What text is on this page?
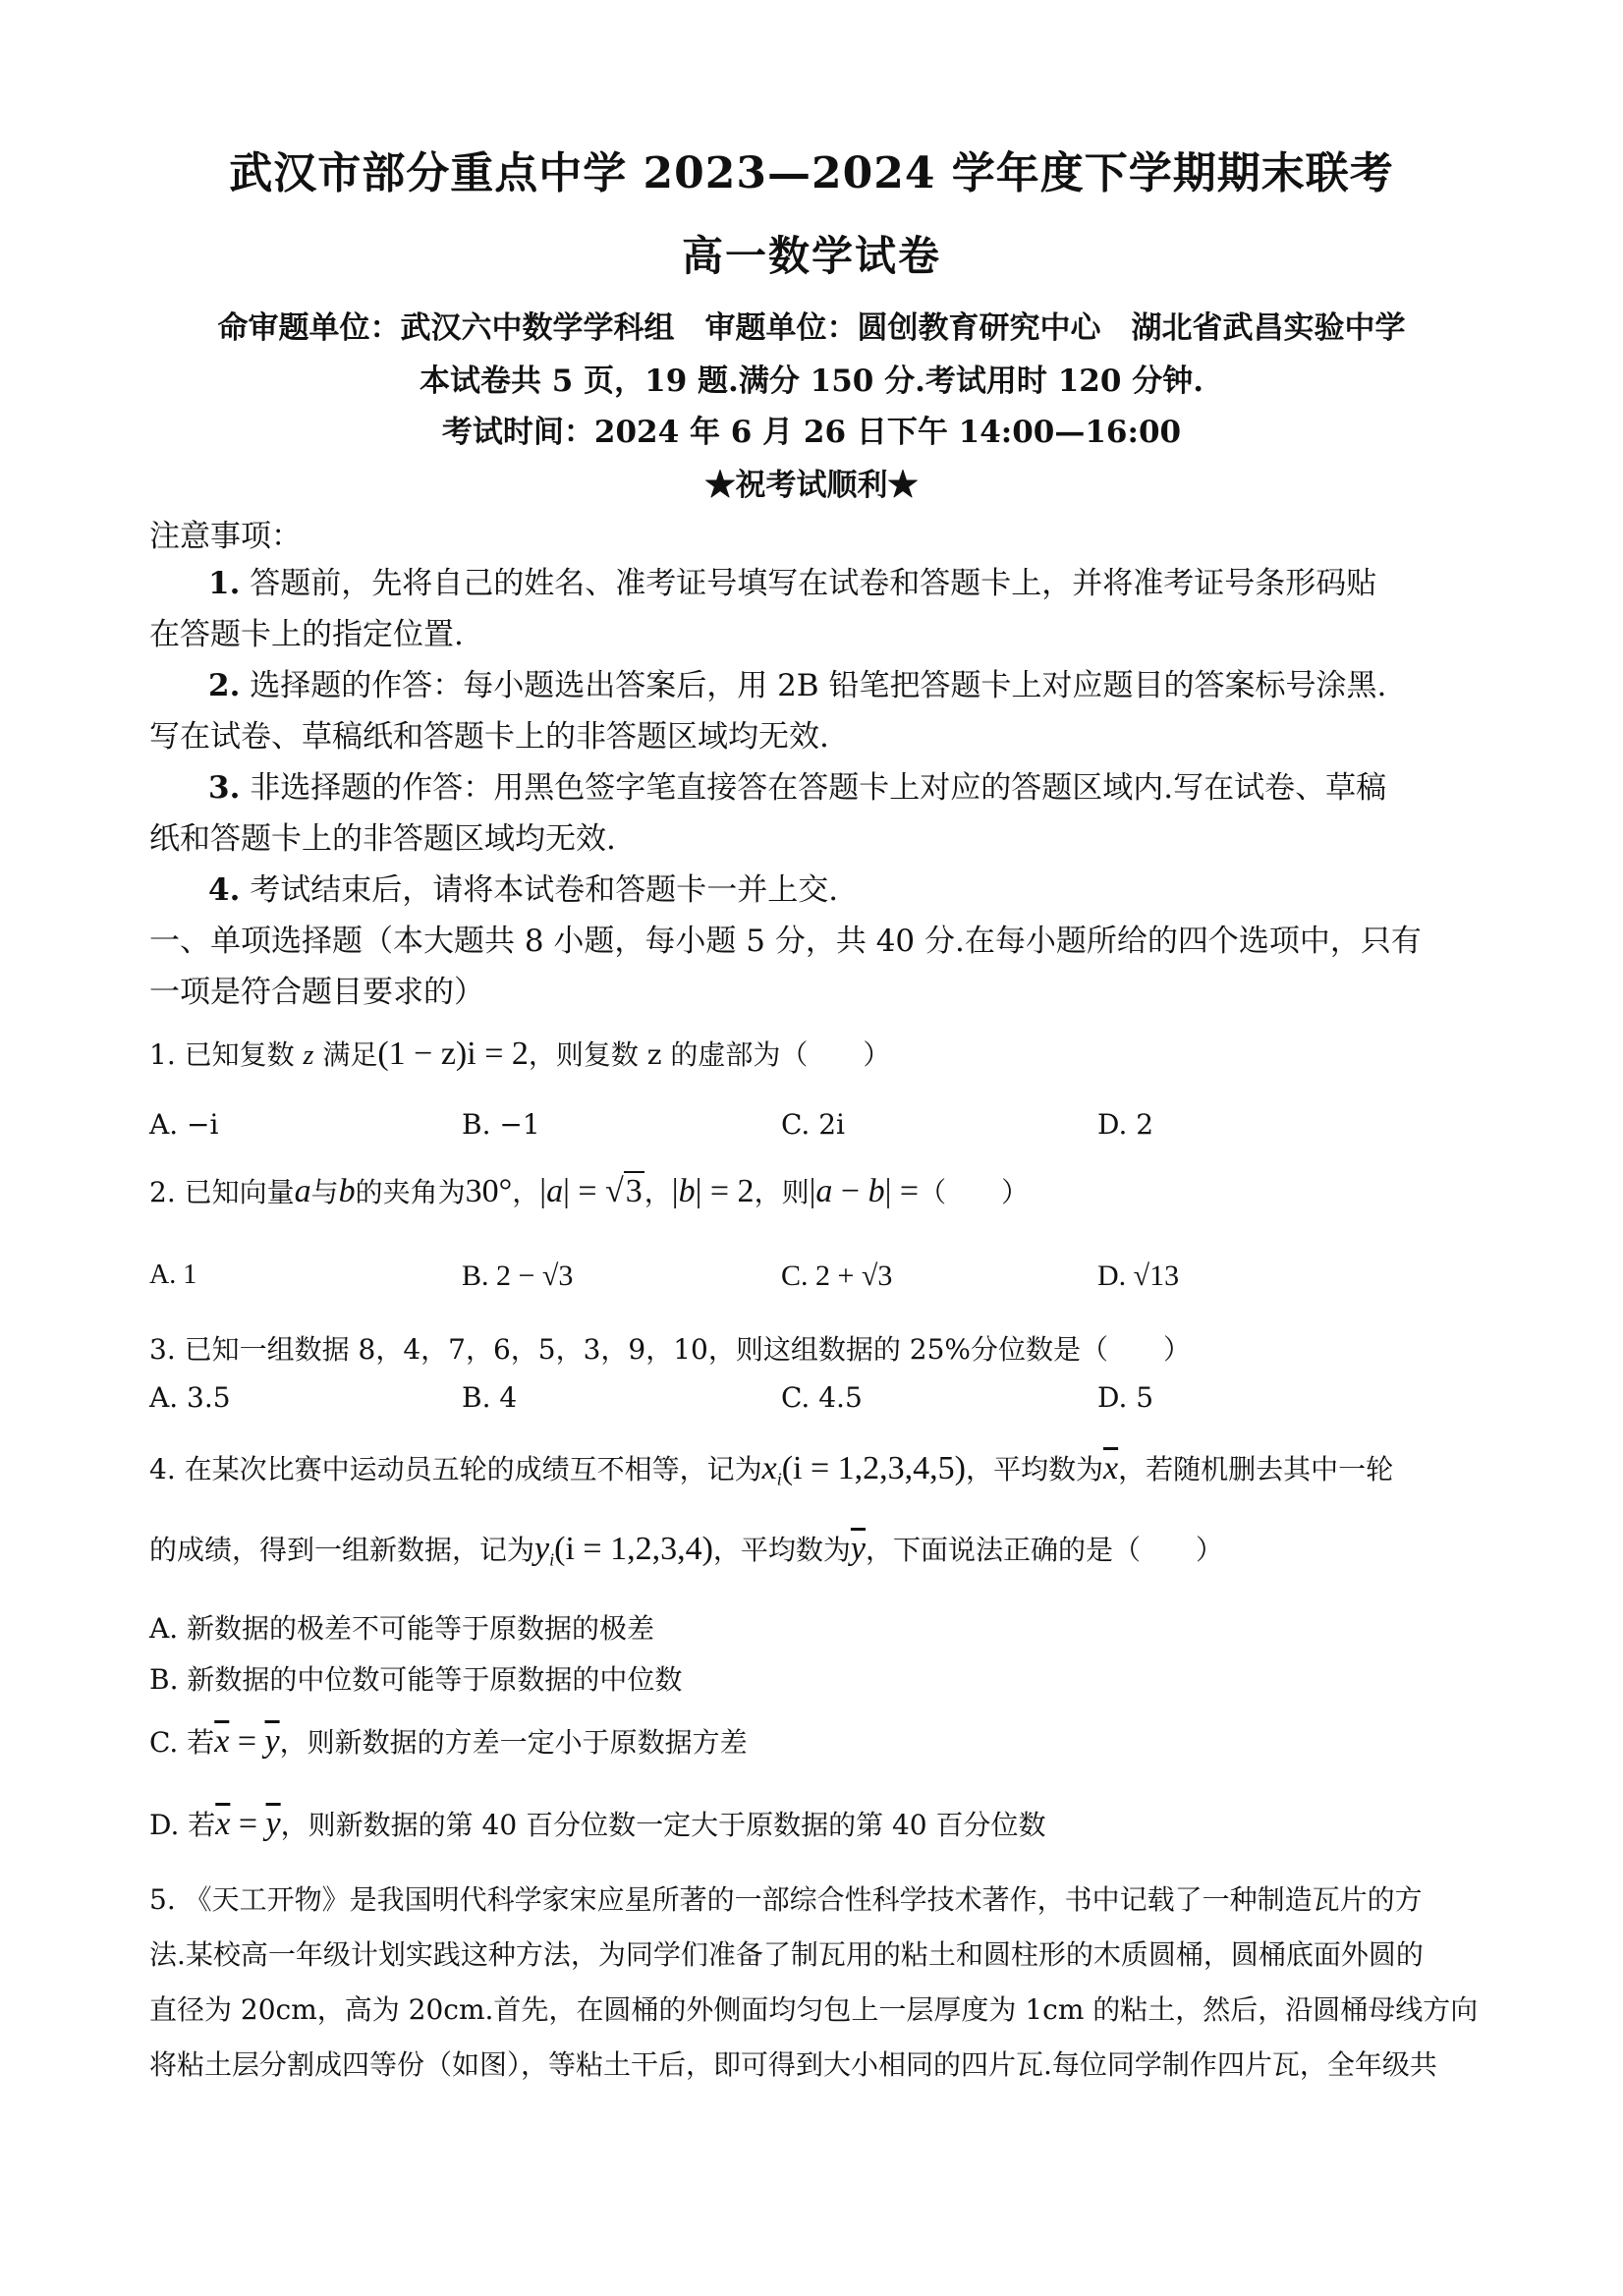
武汉市部分重点中学 2023—2024 学年度下学期期末联考
高一数学试卷
命审题单位：武汉六中数学学科组　审题单位：圆创教育研究中心　湖北省武昌实验中学
本试卷共 5 页，19 题.满分 150 分.考试用时 120 分钟.
考试时间：2024 年 6 月 26 日下午 14:00—16:00
★祝考试顺利★
注意事项：
1. 答题前，先将自己的姓名、准考证号填写在试卷和答题卡上，并将准考证号条形码贴
在答题卡上的指定位置.
2. 选择题的作答：每小题选出答案后，用 2B 铅笔把答题卡上对应题目的答案标号涂黑.
写在试卷、草稿纸和答题卡上的非答题区域均无效.
3. 非选择题的作答：用黑色签字笔直接答在答题卡上对应的答题区域内.写在试卷、草稿
纸和答题卡上的非答题区域均无效.
4. 考试结束后，请将本试卷和答题卡一并上交.
一、单项选择题（本大题共 8 小题，每小题 5 分，共 40 分.在每小题所给的四个选项中，只有
一项是符合题目要求的）
1. 已知复数 z 满足(1 − z)i = 2，则复数 z 的虚部为（　　）
A. −i	B. −1	C. 2i	D. 2
2. 已知向量a与b的夹角为30°，|a| = √3，|b| = 2，则|a − b| =（　　）
A. 1	B. 2 − √3	C. 2 + √3	D. √13
3. 已知一组数据 8，4，7，6，5，3，9，10，则这组数据的 25%分位数是（　　）
A. 3.5	B. 4	C. 4.5	D. 5
4. 在某次比赛中运动员五轮的成绩互不相等，记为$x_i(i = 1,2,3,4,5)$，平均数为$\overline{x}$，若随机删去其中一轮
的成绩，得到一组新数据，记为$y_i(i = 1,2,3,4)$，平均数为$\overline{y}$，下面说法正确的是（　　）
A. 新数据的极差不可能等于原数据的极差
B. 新数据的中位数可能等于原数据的中位数
C. 若$\overline{x} = \overline{y}$，则新数据的方差一定小于原数据方差
D. 若$\overline{x} = \overline{y}$，则新数据的第 40 百分位数一定大于原数据的第 40 百分位数
5. 《天工开物》是我国明代科学家宋应星所著的一部综合性科学技术著作，书中记载了一种制造瓦片的方
法.某校高一年级计划实践这种方法，为同学们准备了制瓦用的粘土和圆柱形的木质圆桶，圆桶底面外圆的
直径为 20cm，高为 20cm.首先，在圆桶的外侧面均匀包上一层厚度为 1cm 的粘土，然后，沿圆桶母线方向
将粘土层分割成四等份（如图），等粘土干后，即可得到大小相同的四片瓦.每位同学制作四片瓦，全年级共
